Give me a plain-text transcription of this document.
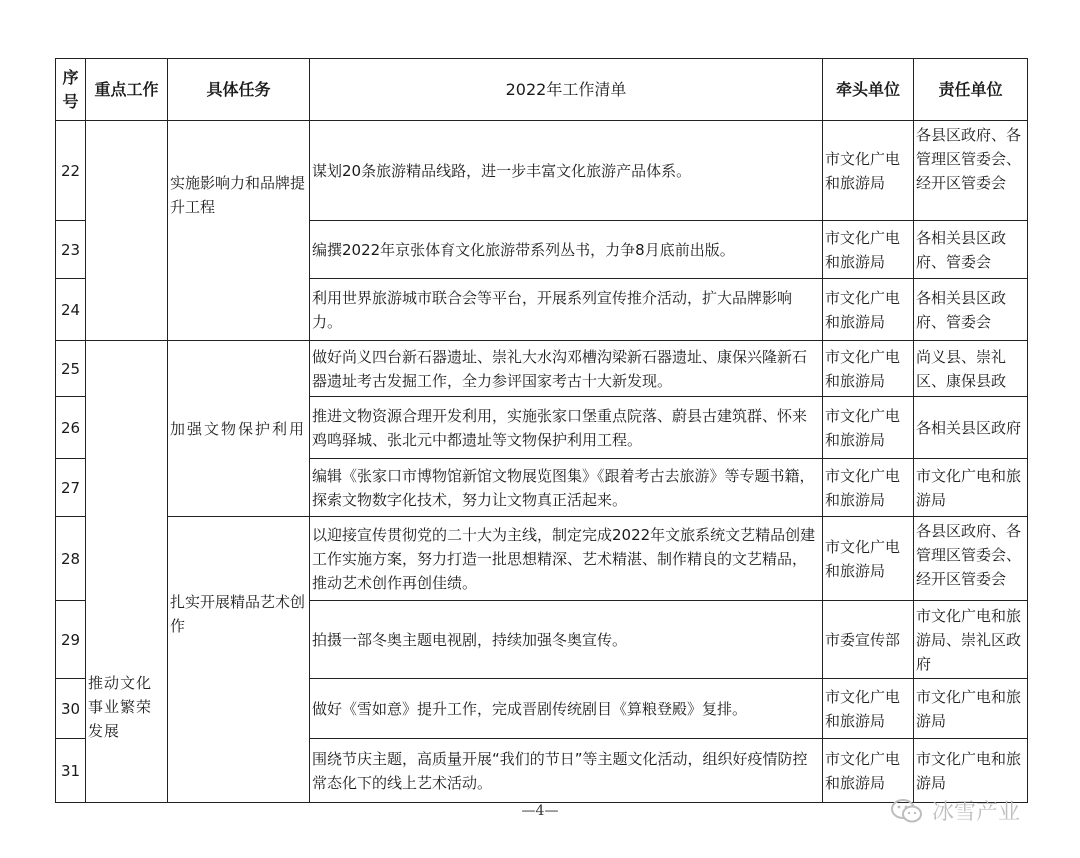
序号	重点工作	具体任务	2022年工作清单	牵头单位	责任单位
22		实施影响力和品牌提升工程	谋划20条旅游精品线路，进一步丰富文化旅游产品体系。	市文化广电和旅游局	各县区政府、各管理区管委会、经开区管委会

23			编撰2022年京张体育文化旅游带系列丛书，力争8月底前出版。	市文化广电和旅游局	各相关县区政府、管委会
24			利用世界旅游城市联合会等平台，开展系列宣传推介活动，扩大品牌影响力。	市文化广电和旅游局	各相关县区政府、管委会
25	推动文化事业繁荣发展	加强文物保护利用	做好尚义四台新石器遗址、崇礼大水沟邓槽沟梁新石器遗址、康保兴隆新石器遗址考古发掘工作，全力参评国家考古十大新发现。	市文化广电和旅游局	尚义县、崇礼区、康保县政

26			推进文物资源合理开发利用，实施张家口堡重点院落、蔚县古建筑群、怀来鸡鸣驿城、张北元中都遗址等文物保护利用工程。	市文化广电和旅游局	各相关县区政府
27			编辑《张家口市博物馆新馆文物展览图集》《跟着考古去旅游》等专题书籍，探索文物数字化技术，努力让文物真正活起来。	市文化广电和旅游局	市文化广电和旅游局
28		扎实开展精品艺术创作	以迎接宣传贯彻党的二十大为主线，制定完成2022年文旅系统文艺精品创建工作实施方案，努力打造一批思想精深、艺术精湛、制作精良的文艺精品，推动艺术创作再创佳绩。	市文化广电和旅游局	各县区政府、各管理区管委会、经开区管委会

29			拍摄一部冬奥主题电视剧，持续加强冬奥宣传。	市委宣传部	市文化广电和旅游局、崇礼区政府
30			做好《雪如意》提升工作，完成晋剧传统剧目《算粮登殿》复排。	市文化广电和旅游局	市文化广电和旅游局
31			围绕节庆主题，高质量开展“我们的节日”等主题文化活动，组织好疫情防控常态化下的线上艺术活动。	市文化广电和旅游局	市文化广电和旅游局
—4—	冰雪产业
